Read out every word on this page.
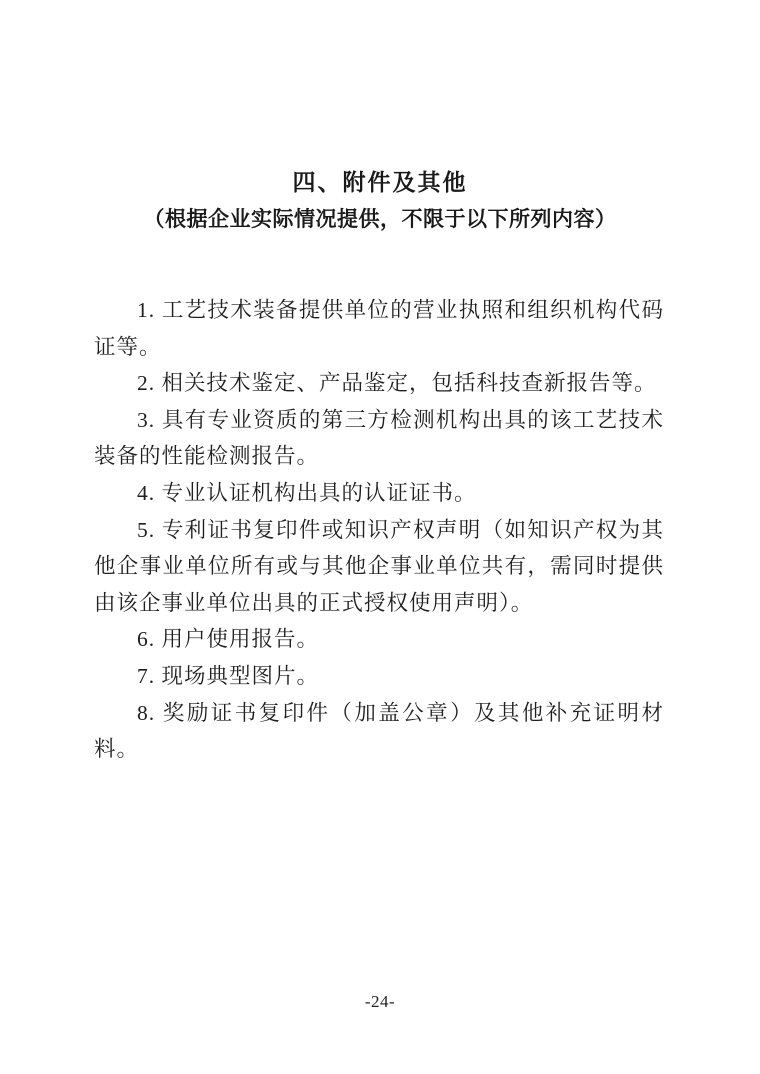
四、附件及其他
（根据企业实际情况提供，不限于以下所列内容）

1. 工艺技术装备提供单位的营业执照和组织机构代码证等。

2. 相关技术鉴定、产品鉴定，包括科技查新报告等。

3. 具有专业资质的第三方检测机构出具的该工艺技术装备的性能检测报告。

4. 专业认证机构出具的认证证书。

5. 专利证书复印件或知识产权声明（如知识产权为其他企事业单位所有或与其他企事业单位共有，需同时提供由该企事业单位出具的正式授权使用声明）。

6. 用户使用报告。

7. 现场典型图片。

8. 奖励证书复印件（加盖公章）及其他补充证明材料。

-24-
